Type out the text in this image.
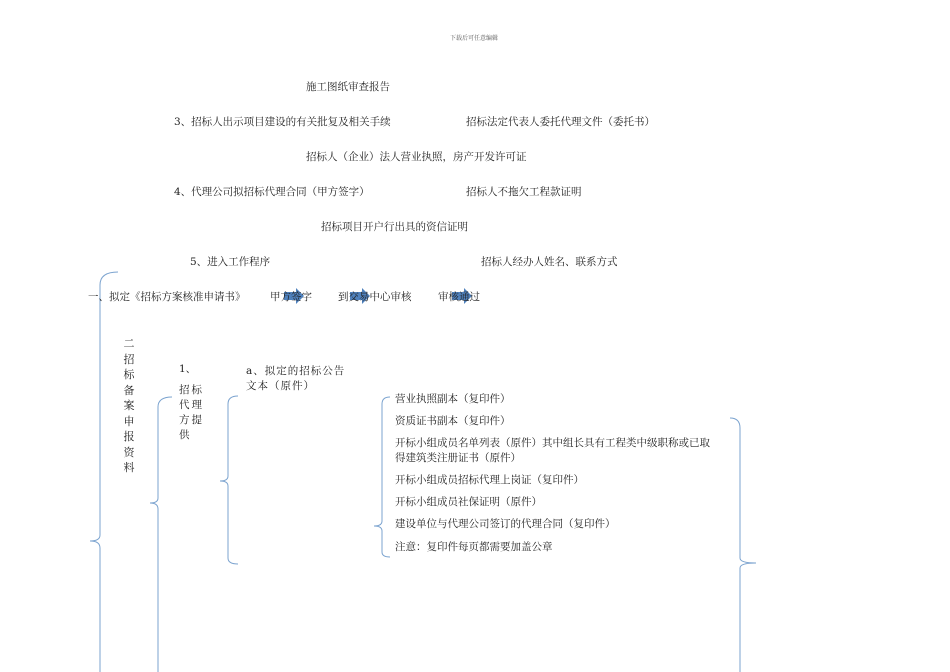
下载后可任意编辑
施工图纸审查报告
3、招标人出示项目建设的有关批复及相关手续	招标法定代表人委托代理文件（委托书）
招标人（企业）法人营业执照，房产开发许可证
4、代理公司拟招标代理合同（甲方签字）	招标人不拖欠工程款证明
招标项目开户行出具的资信证明
5、进入工作程序	招标人经办人姓名、联系方式
一、拟定《招标方案核准申请书》 甲方签字 到交易中心审核	审核通过
二招标备案申报资料
1、
招标代理方提供
a、拟定的招标公告文本（原件）
营业执照副本（复印件）
资质证书副本（复印件）
开标小组成员名单列表（原件）其中组长具有工程类中级职称或已取得建筑类注册证书（原件）
开标小组成员招标代理上岗证（复印件）
开标小组成员社保证明（原件）
建设单位与代理公司签订的代理合同（复印件）
注意：复印件每页都需要加盖公章
